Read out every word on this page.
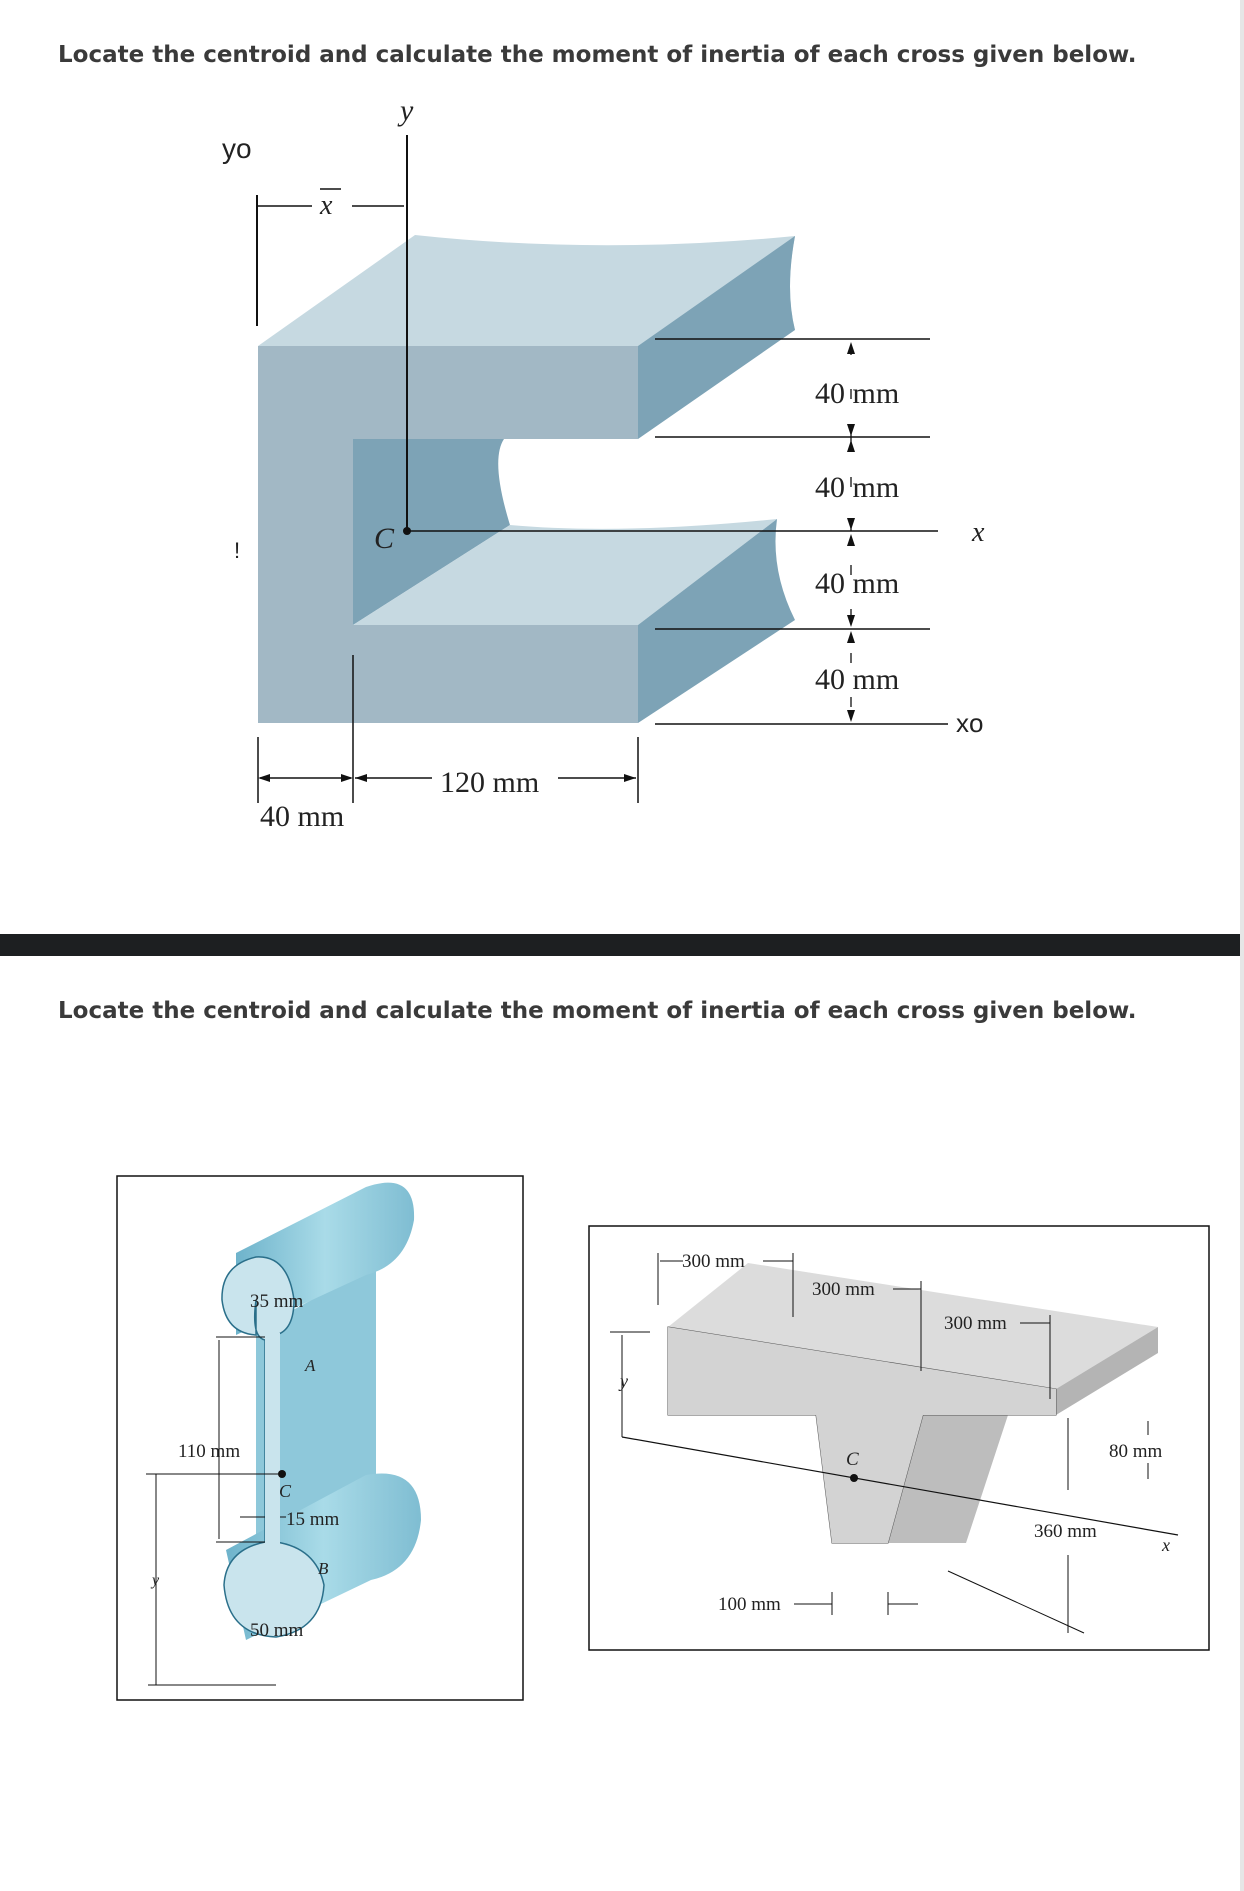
Locate the centroid and calculate the moment of inertia of each cross given below.
y
yo
!
x
C	x
40 mm
40 mm
40 mm
40 mm
xo
120 mm
40 mm
Locate the centroid and calculate the moment of inertia of each cross given below.
110 mm
C
A
B
15 mm
35 mm
50 mm
y
300 mm
300 mm
300 mm
y
C
x
80 mm
360 mm
100 mm
